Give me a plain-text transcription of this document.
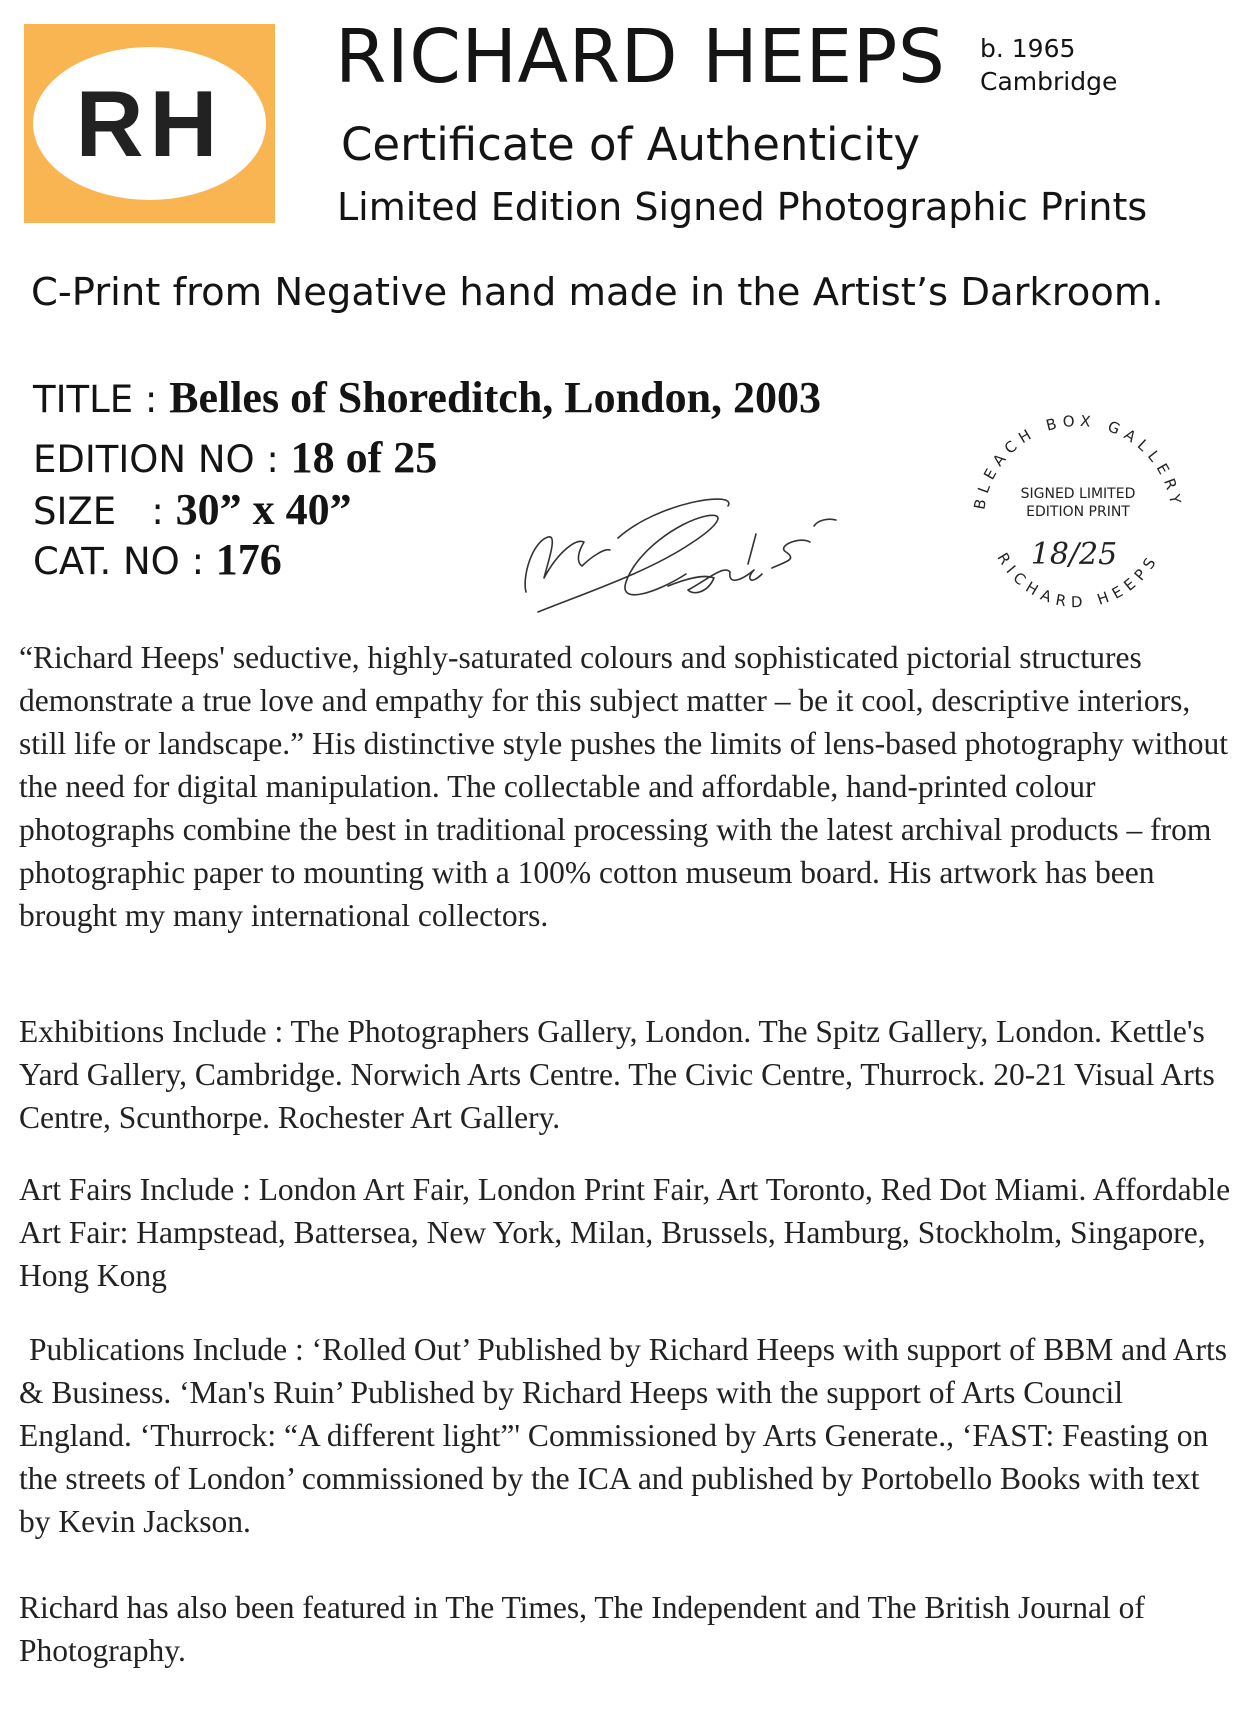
RH
RICHARD HEEPS b. 1965
Cambridge
Certificate of Authenticity
Limited Edition Signed Photographic Prints
C-Print from Negative hand made in the Artist’s Darkroom.
TITLE : Belles of Shoreditch, London, 2003
EDITION NO : 18 of 25
SIZE   : 30” x 40”
CAT. NO : 176
BLEACH BOX GALLERY
RICHARD HEEPS
SIGNED LIMITED
EDITION PRINT
18/25
“Richard Heeps' seductive, highly-saturated colours and sophisticated pictorial structures demonstrate a true love and empathy for this subject matter – be it cool, descriptive interiors, still life or landscape.” His distinctive style pushes the limits of lens-based photography without the need for digital manipulation. The collectable and affordable, hand-printed colour photographs combine the best in traditional processing with the latest archival products – from photographic paper to mounting with a 100% cotton museum board. His artwork has been brought my many international collectors.
Exhibitions Include : The Photographers Gallery, London. The Spitz Gallery, London. Kettle's Yard Gallery, Cambridge. Norwich Arts Centre. The Civic Centre, Thurrock. 20-21 Visual Arts Centre, Scunthorpe. Rochester Art Gallery.
Art Fairs Include : London Art Fair, London Print Fair, Art Toronto, Red Dot Miami. Affordable Art Fair: Hampstead, Battersea, New York, Milan, Brussels, Hamburg, Stockholm, Singapore, Hong Kong
Publications Include : ‘Rolled Out’ Published by Richard Heeps with support of BBM and Arts & Business. ‘Man's Ruin’ Published by Richard Heeps with the support of Arts Council England. ‘Thurrock: “A different light”' Commissioned by Arts Generate., ‘FAST: Feasting on the streets of London’ commissioned by the ICA and published by Portobello Books with text by Kevin Jackson.
Richard has also been featured in The Times, The Independent and The British Journal of Photography.
